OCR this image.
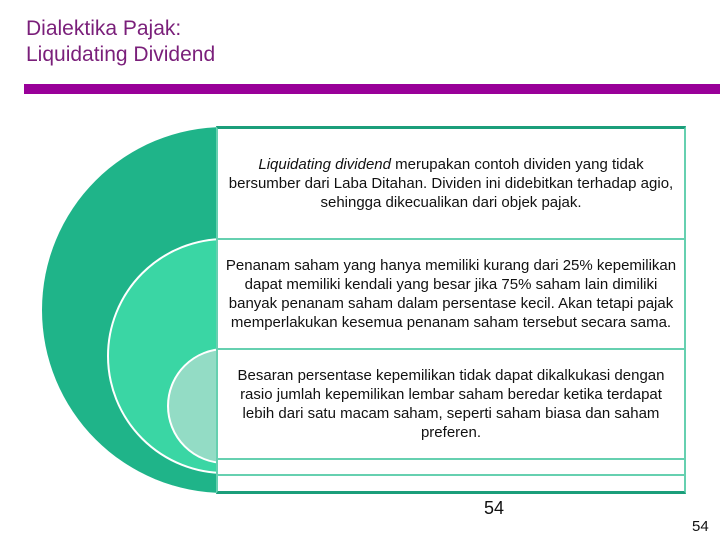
Dialektika Pajak:
Liquidating Dividend

Liquidating dividend merupakan contoh dividen yang tidak bersumber dari Laba Ditahan. Dividen ini didebitkan terhadap agio, sehingga dikecualikan dari objek pajak.

Penanam saham yang hanya memiliki kurang dari 25% kepemilikan dapat memiliki kendali yang besar jika 75% saham lain dimiliki banyak penanam saham dalam persentase kecil. Akan tetapi pajak memperlakukan kesemua penanam saham tersebut secara sama.

Besaran persentase kepemilikan tidak dapat dikalkukasi dengan rasio jumlah kepemilikan lembar saham beredar ketika terdapat lebih dari satu macam saham, seperti saham biasa dan saham preferen.

54
54
